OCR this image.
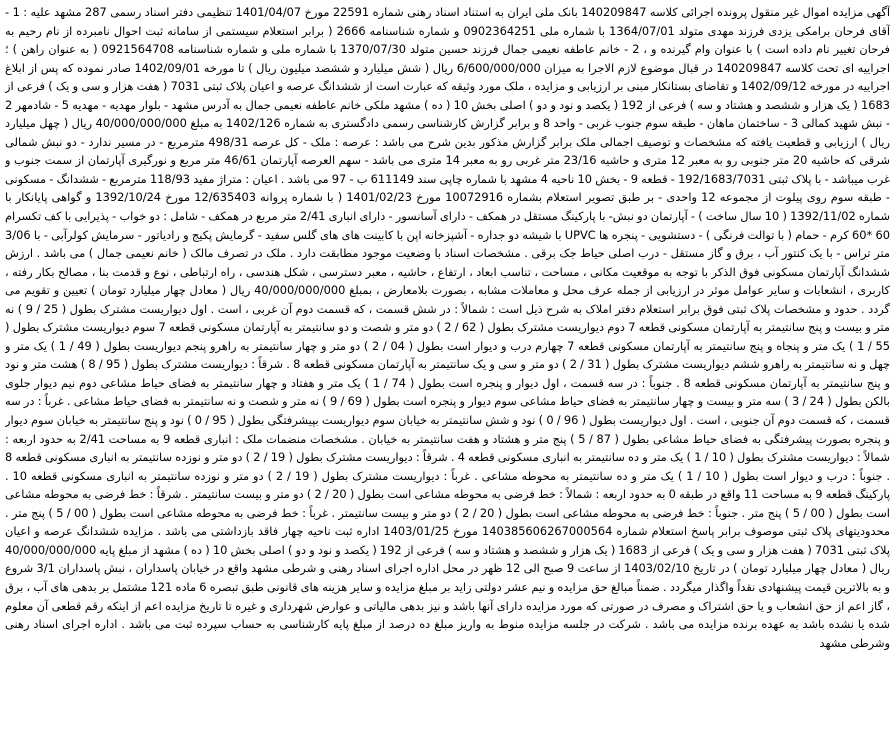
آگهی مزایده اموال غیر منقول پرونده اجرائی کلاسه 140209847 بانک ملی ایران به استناد اسناد رهنی شماره 22591 مورخ 1401/04/07 تنظیمی دفتر اسناد رسمی 287 مشهد علیه : 1 - آقای فرحان برامکی یزدی فرزند مهدی متولد 1364/07/01 با شماره ملی 0902364251 و شماره شناسنامه 2666 ( برابر استعلام سیستمی از سامانه ثبت احوال نامبرده از نام رحیم به فرحان تغییر نام داده است ) با عنوان وام گیرنده و ، 2 - خانم عاطفه نعیمی جمال فرزند حسین متولد 1370/07/30 با شماره ملی و شماره شناسنامه 0921564708 ( به عنوان راهن ) ؛ اجراییه ای تحت کلاسه 140209847 در قبال موضوع لازم الاجرا به میزان 6/600/000/000 ریال ( شش میلیارد و ششصد میلیون ریال ) تا مورخه 1402/09/01 صادر نموده که پس از ابلاغ اجراییه در مورخه 1402/09/12 و تقاضای بستانکار مبنی بر ارزیابی و مزایده ، ملک مورد وثیقه که عبارت است از ششدانگ عرصه و اعیان پلاک ثبتی 7031 ( هفت هزار و سی و یک ) فرعی از 1683 ( یک هزار و ششصد و هشتاد و سه ) فرعی از 192 ( یکصد و نود و دو ) اصلی بخش 10 ( ده ) مشهد ملکی خانم عاطفه نعیمی جمال به آدرس مشهد - بلوار مهدیه - مهدیه 5 - شادمهر 2 - نبش شهید کمالی 3 - ساختمان ماهان - طبقه سوم جنوب غربی - واحد 8 و برابر گزارش کارشناسی رسمی دادگستری به شماره 1402/126 به مبلغ 40/000/000/000 ریال ( چهل میلیارد ریال ) ارزیابی و قطعیت یافته که مشخصات و توصیف اجمالی ملک برابر گزارش مذکور بدین شرح می باشد : عرصه : ملک - کل عرصه 498/31 مترمربع - در مسیر ندارد - دو نبش شمالی شرقی که حاشیه 20 متر جنوبی رو به معبر 12 متری و حاشیه 23/16 متر غربی رو به معبر 14 متری می باشد - سهم العرصه آپارتمان 46/61 متر مربع و نورگیری آپارتمان از سمت جنوب و غرب میباشد - با پلاک ثبتی 192/1683/7031 - قطعه 9 - بخش 10 ناحیه 4 مشهد با شماره چاپی سند 611149 ب - 97 می باشد . اعیان : متراژ مفید 118/93 مترمربع - ششدانگ - مسکونی - طبقه سوم روی پیلوت از مجموعه 12 واحدی - بر طبق تصویر استعلام بشماره 10072916 مورخ 1401/02/23 ( با شماره پروانه 12/635403 مورخ 1392/10/24 و گواهی پایانکار با شماره 1392/11/02 ( 10 سال ساخت ) - آپارتمان دو نبش- با پارکینگ مستقل در همکف - دارای آسانسور - دارای انباری 2/41 متر مربع در همکف - شامل : دو خواب - پذیرایی با کف تکسرام 60 *60 کرم - حمام ( با توالت فرنگی ) - دستشویی - پنجره ها UPVC با شیشه دو جداره - آشپزخانه اپن با کابینت های های گلس سفید - گرمایش پکیج و رادیاتور - سرمایش کولرآبی - با 3/06 متر تراس - با یک کنتور آب ، برق و گاز مستقل - درب اصلی حیاط جک برقی . مشخصات اسناد با وضعیت موجود مطابقت دارد . ملک در تصرف مالک ( خانم نعیمی جمال ) می باشد . ارزش ششدانگ آپارتمان مسکونی فوق الذکر با توجه به موقعیت مکانی ، مساحت ، تناسب ابعاد ، ارتفاع ، حاشیه ، معبر دسترسی ، شکل هندسی ، راه ارتباطی ، نوع و قدمت بنا ، مصالح بکار رفته ، کاربری ، انشعابات و سایر عوامل موثر در ارزیابی از جمله عرف محل و معاملات مشابه ، بصورت بلامعارض ، بمبلغ 40/000/000/000 ریال ( معادل چهار میلیارد تومان ) تعیین و تقویم می گردد . حدود و مشخصات پلاک ثبتی فوق برابر استعلام دفتر املاک به شرح ذیل است : شمالاً : در شش قسمت ، که قسمت دوم آن غربی ، است . اول دیواریست مشترک بطول ( 25 / 9 ) نه متر و بیست و پنج سانتیمتر به آپارتمان مسکونی قطعه 7 دوم دیواریست مشترک بطول ( 62 / 2 ) دو متر و شصت و دو سانتیمتر به آپارتمان مسکونی قطعه 7 سوم دیواریست مشترک بطول ( 55 / 1 ) یک متر و پنجاه و پنج سانتیمتر به آپارتمان مسکونی قطعه 7 چهارم درب و دیوار است بطول ( 04 / 2 ) دو متر و چهار سانتیمتر به راهرو پنجم دیواریست بطول ( 49 / 1 ) یک متر و چهل و نه سانتیمتر به راهرو ششم دیواریست مشترک بطول ( 31 / 2 ) دو متر و سی و یک سانتیمتر به آپارتمان مسکونی قطعه 8 . شرقاً : دیواریست مشترک بطول ( 95 / 8 ) هشت متر و نود و پنج سانتیمتر به آپارتمان مسکونی قطعه 8 . جنوباً : در سه قسمت ، اول دیوار و پنجره است بطول ( 74 / 1 ) یک متر و هفتاد و چهار سانتیمتر به فضای حیاط مشاعی دوم نیم دیوار جلوی بالکن بطول ( 24 / 3 ) سه متر و بیست و چهار سانتیمتر به فضای حیاط مشاعی سوم دیوار و پنجره است بطول ( 69 / 9 ) نه متر و شصت و نه سانتیمتر به فضای حیاط مشاعی . غرباً : در سه قسمت ، که قسمت دوم آن جنوبی ، است . اول دیواریست بطول ( 96 / 0 ) نود و شش سانتیمتر به خیابان سوم دیواریست بپیشرفتگی بطول ( 95 / 0 ) نود و پنج سانتیمتر به خیابان سوم دیوار و پنجره بصورت پیشرفتگی به فضای حیاط مشاعی بطول ( 87 / 5 ) پنج متر و هشتاد و هفت سانتیمتر به خیابان . مشخصات منضمات ملک : انباری قطعه 9 به مساحت 2/41 به حدود اربعه : شمالاً : دیواریست مشترک بطول ( 10 / 1 ) یک متر و ده سانتیمتر به انباری مسکونی قطعه 4 . شرقاً : دیواریست مشترک بطول ( 19 / 2 ) دو متر و نوزده سانتیمتر به انباری مسکونی قطعه 8 . جنوباً : درب و دیوار است بطول ( 10 / 1 ) یک متر و ده سانتیمتر به محوطه مشاعی . غرباً : دیواریست مشترک بطول ( 19 / 2 ) دو متر و نوزده سانتیمتر به انباری مسکونی قطعه 10 . پارکینگ قطعه 9 به مساحت 11 واقع در طبقه 0 به حدود اربعه : شمالاً : خط فرضی به محوطه مشاعی است بطول ( 20 / 2 ) دو متر و بیست سانتیمتر . شرقاً : خط فرضی به محوطه مشاعی است بطول ( 00 / 5 ) پنج متر . جنوباً : خط فرضی به محوطه مشاعی است بطول ( 20 / 2 ) دو متر و بیست سانتیمتر . غرباً : خط فرضی به محوطه مشاعی است بطول ( 00 / 5 ) پنج متر . محدودیتهای پلاک ثبتی موصوف برابر پاسخ استعلام شماره 140385606267000564 مورخ 1403/01/25 اداره ثبت ناحیه چهار فاقد بازداشتی می باشد . مزایده ششدانگ عرصه و اعیان پلاک ثبتی 7031 ( هفت هزار و سی و یک ) فرعی از 1683 ( یک هزار و ششصد و هشتاد و سه ) فرعی از 192 ( یکصد و نود و دو ) اصلی بخش 10 ( ده ) مشهد از مبلغ پایه 40/000/000/000 ریال ( معادل چهار میلیارد تومان ) در تاریخ 1403/02/10 از ساعت 9 صبح الی 12 ظهر در محل اداره اجرای اسناد رهنی و شرطی مشهد واقع در خیابان پاسداران ، نبش پاسداران 3/1 شروع و به بالاترین قیمت پیشنهادی نقداً واگذار میگردد . ضمناً مبالغ حق مزایده و نیم عشر دولتی زاید بر مبلغ مزایده و سایر هزینه های قانونی طبق تبصره 6 ماده 121 مشتمل بر بدهی های آب ، برق ، گاز اعم از حق انشعاب و یا حق اشتراک و مصرف در صورتی که مورد مزایده دارای آنها باشد و نیز بدهی مالیاتی و عوارض شهرداری و غیره تا تاریخ مزایده اعم از اینکه رقم قطعی آن معلوم شده یا نشده باشد به عهده برنده مزایده می باشد . شرکت در جلسه مزایده منوط به واریز مبلغ ده درصد از مبلغ پایه کارشناسی به حساب سپرده ثبت می باشد . اداره اجرای اسناد رهنی وشرطی مشهد
